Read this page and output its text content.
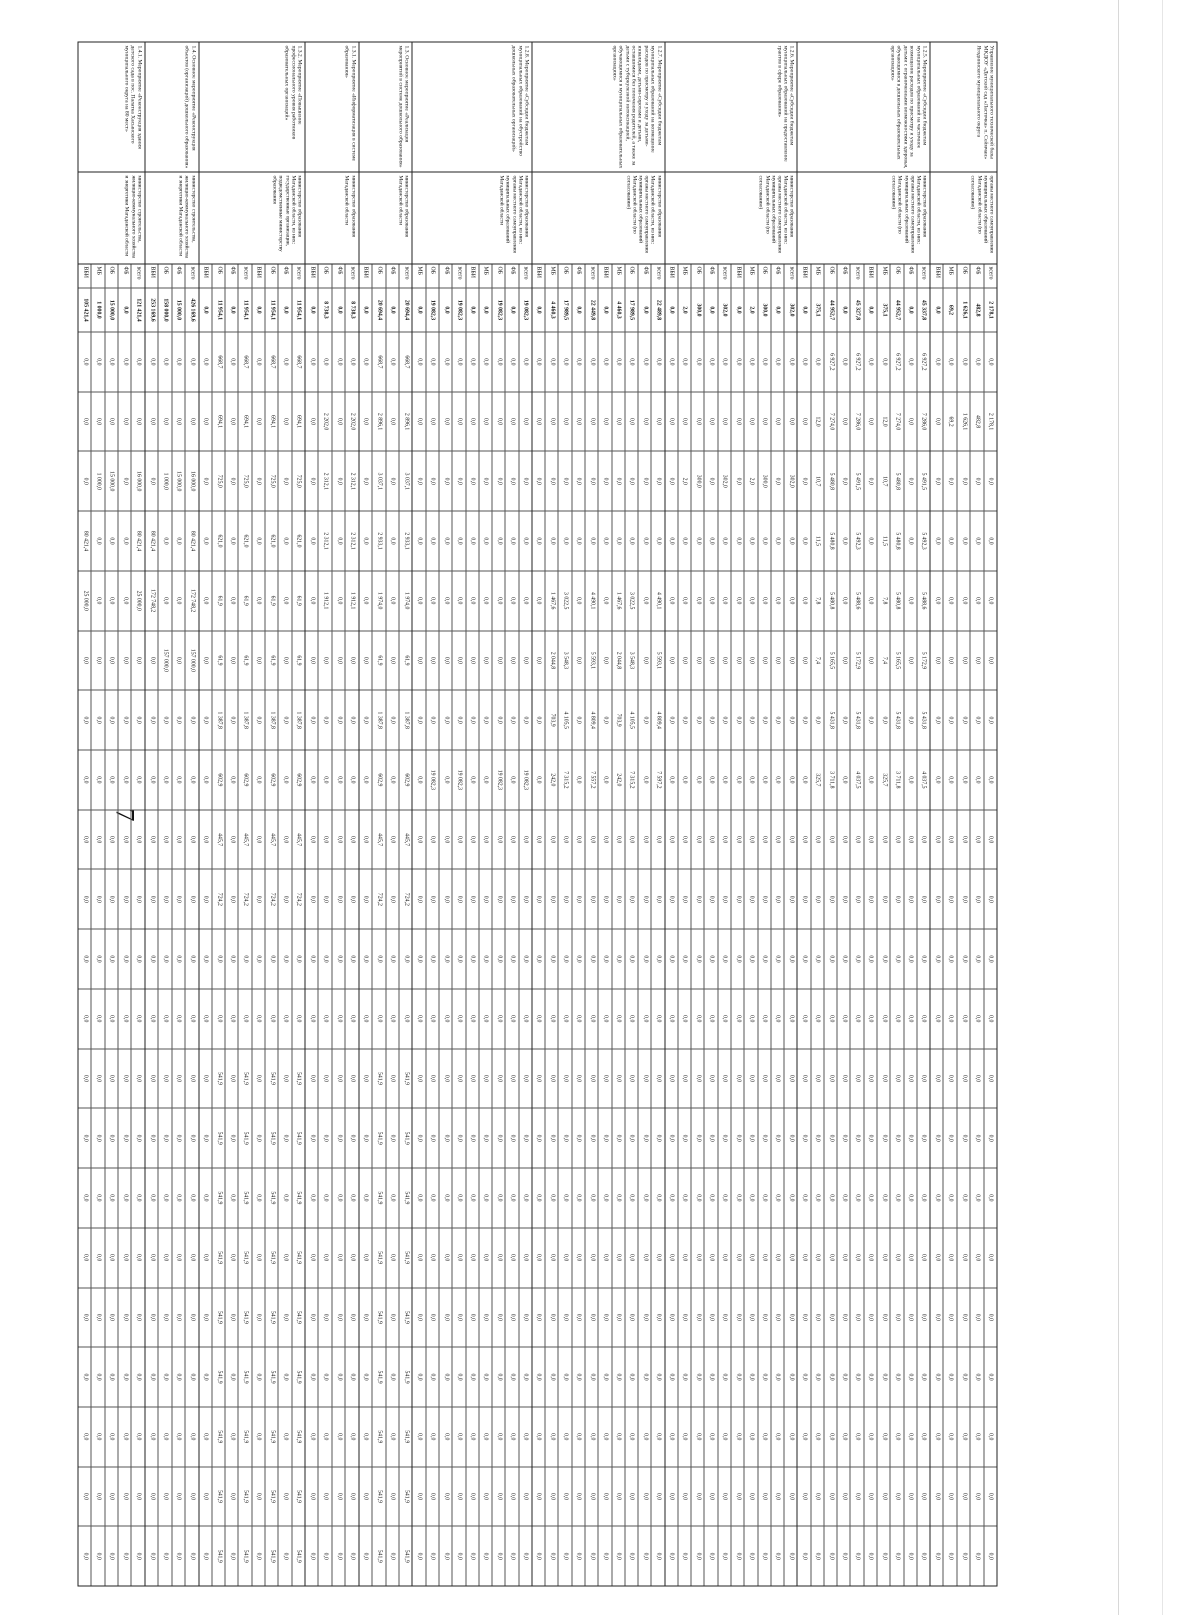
7
Управление муниципального технической базы МКДОУ «Детский сад «Ласточка» п. Сеймчан» Ягоднинского муниципального округа
органы местного самоуправления муниципальных образований Магаданской области (по согласованию)
всего
2 178,1
0,0
2 178,1
0,0
0,0
0,0
0,0
0,0
0,0
0,0
0,0
0,0
0,0
0,0
0,0
0,0
0,0
0,0
0,0
0,0
0,0
0,0
ФБ
482,8
0,0
482,8
0,0
0,0
0,0
0,0
0,0
0,0
0,0
0,0
0,0
0,0
0,0
0,0
0,0
0,0
0,0
0,0
0,0
0,0
0,0
ОБ
1 626,1
0,0
1 626,1
0,0
0,0
0,0
0,0
0,0
0,0
0,0
0,0
0,0
0,0
0,0
0,0
0,0
0,0
0,0
0,0
0,0
0,0
0,0
МБ
69,2
0,0
69,2
0,0
0,0
0,0
0,0
0,0
0,0
0,0
0,0
0,0
0,0
0,0
0,0
0,0
0,0
0,0
0,0
0,0
0,0
0,0
ВБИ
0,0
0,0
0,0
0,0
0,0
0,0
0,0
0,0
0,0
0,0
0,0
0,0
0,0
0,0
0,0
0,0
0,0
0,0
0,0
0,0
0,0
0,0
1.2.5. Мероприятие «Субсидии бюджетам муниципальных образований на частичное возмещение расходов по присмотру и уходу за детьми с ограниченными возможностями здоровья, обучающимися в дошкольных образовательных организациях»
министерство образования Магаданской области, из них: органы местного самоуправления муниципальных образований Магаданской области (по согласованию)
всего
45 337,8
6 927,2
7 286,0
5 491,5
5 492,3
5 488,6
5 172,9
5 431,8
4 037,5
0,0
0,0
0,0
0,0
0,0
0,0
0,0
0,0
0,0
0,0
0,0
0,0
0,0
ФБ
0,0
0,0
0,0
0,0
0,0
0,0
0,0
0,0
0,0
0,0
0,0
0,0
0,0
0,0
0,0
0,0
0,0
0,0
0,0
0,0
0,0
0,0
ОБ
44 952,7
6 927,2
7 274,0
5 480,8
5 480,8
5 480,8
5 165,5
5 431,8
3 711,8
0,0
0,0
0,0
0,0
0,0
0,0
0,0
0,0
0,0
0,0
0,0
0,0
0,0
МБ
375,1
0,0
12,0
10,7
11,5
7,8
7,4
0,0
325,7
0,0
0,0
0,0
0,0
0,0
0,0
0,0
0,0
0,0
0,0
0,0
0,0
0,0
ВБИ
0,0
0,0
0,0
0,0
0,0
0,0
0,0
0,0
0,0
0,0
0,0
0,0
0,0
0,0
0,0
0,0
0,0
0,0
0,0
0,0
0,0
0,0
всего
45 327,8
6 927,2
7 286,0
5 491,5
5 492,3
5 488,6
5 172,9
5 431,8
4 037,5
0,0
0,0
0,0
0,0
0,0
0,0
0,0
0,0
0,0
0,0
0,0
0,0
0,0
ФБ
0,0
0,0
0,0
0,0
0,0
0,0
0,0
0,0
0,0
0,0
0,0
0,0
0,0
0,0
0,0
0,0
0,0
0,0
0,0
0,0
0,0
0,0
ОБ
44 952,7
6 927,2
7 274,0
5 480,8
5 480,8
5 480,8
5 165,5
5 431,8
3 711,8
0,0
0,0
0,0
0,0
0,0
0,0
0,0
0,0
0,0
0,0
0,0
0,0
0,0
МБ
375,1
0,0
12,0
10,7
11,5
7,8
7,4
0,0
325,7
0,0
0,0
0,0
0,0
0,0
0,0
0,0
0,0
0,0
0,0
0,0
0,0
0,0
ВБИ
0,0
0,0
0,0
0,0
0,0
0,0
0,0
0,0
0,0
0,0
0,0
0,0
0,0
0,0
0,0
0,0
0,0
0,0
0,0
0,0
0,0
0,0
1.2.6. Мероприятие «Субсидии бюджетам муниципальных образований на предоставление грантов в сфере образования»
министерство образования Магаданской области, из них: органы местного самоуправления муниципальных образований Магаданской области (по согласованию)
всего
302,0
0,0
0,0
302,0
0,0
0,0
0,0
0,0
0,0
0,0
0,0
0,0
0,0
0,0
0,0
0,0
0,0
0,0
0,0
0,0
0,0
0,0
ФБ
0,0
0,0
0,0
0,0
0,0
0,0
0,0
0,0
0,0
0,0
0,0
0,0
0,0
0,0
0,0
0,0
0,0
0,0
0,0
0,0
0,0
0,0
ОБ
300,0
0,0
0,0
300,0
0,0
0,0
0,0
0,0
0,0
0,0
0,0
0,0
0,0
0,0
0,0
0,0
0,0
0,0
0,0
0,0
0,0
0,0
МБ
2,0
0,0
0,0
2,0
0,0
0,0
0,0
0,0
0,0
0,0
0,0
0,0
0,0
0,0
0,0
0,0
0,0
0,0
0,0
0,0
0,0
0,0
ВБИ
0,0
0,0
0,0
0,0
0,0
0,0
0,0
0,0
0,0
0,0
0,0
0,0
0,0
0,0
0,0
0,0
0,0
0,0
0,0
0,0
0,0
0,0
всего
302,0
0,0
0,0
302,0
0,0
0,0
0,0
0,0
0,0
0,0
0,0
0,0
0,0
0,0
0,0
0,0
0,0
0,0
0,0
0,0
0,0
0,0
ФБ
0,0
0,0
0,0
0,0
0,0
0,0
0,0
0,0
0,0
0,0
0,0
0,0
0,0
0,0
0,0
0,0
0,0
0,0
0,0
0,0
0,0
0,0
ОБ
300,0
0,0
0,0
300,0
0,0
0,0
0,0
0,0
0,0
0,0
0,0
0,0
0,0
0,0
0,0
0,0
0,0
0,0
0,0
0,0
0,0
0,0
МБ
2,0
0,0
0,0
2,0
0,0
0,0
0,0
0,0
0,0
0,0
0,0
0,0
0,0
0,0
0,0
0,0
0,0
0,0
0,0
0,0
0,0
0,0
ВБИ
0,0
0,0
0,0
0,0
0,0
0,0
0,0
0,0
0,0
0,0
0,0
0,0
0,0
0,0
0,0
0,0
0,0
0,0
0,0
0,0
0,0
0,0
1.2.7. Мероприятие «Субсидии бюджетам муниципальных образований на возмещение расходов по присмотру и уходу за детьми-инвалидами, детьми-сиротами и детьми, оставшимися без попечения родителей, а также за детьми с туберкулезной интоксикацией, обучающимися в муниципальных образовательных организациях»
министерство образования Магаданской области, из них: органы местного самоуправления муниципальных образований Магаданской области (по согласованию)
всего
22 489,8
0,0
0,0
0,0
0,0
4 490,1
5 593,1
4 809,4
7 597,2
0,0
0,0
0,0
0,0
0,0
0,0
0,0
0,0
0,0
0,0
0,0
0,0
0,0
ФБ
0,0
0,0
0,0
0,0
0,0
0,0
0,0
0,0
0,0
0,0
0,0
0,0
0,0
0,0
0,0
0,0
0,0
0,0
0,0
0,0
0,0
0,0
ОБ
17 989,5
0,0
0,0
0,0
0,0
3 022,5
3 548,3
4 105,5
7 315,2
0,0
0,0
0,0
0,0
0,0
0,0
0,0
0,0
0,0
0,0
0,0
0,0
0,0
МБ
4 460,3
0,0
0,0
0,0
0,0
1 467,6
2 044,8
703,9
242,0
0,0
0,0
0,0
0,0
0,0
0,0
0,0
0,0
0,0
0,0
0,0
0,0
0,0
ВБИ
0,0
0,0
0,0
0,0
0,0
0,0
0,0
0,0
0,0
0,0
0,0
0,0
0,0
0,0
0,0
0,0
0,0
0,0
0,0
0,0
0,0
0,0
всего
22 449,8
0,0
0,0
0,0
0,0
4 490,1
5 593,1
4 809,4
7 557,2
0,0
0,0
0,0
0,0
0,0
0,0
0,0
0,0
0,0
0,0
0,0
0,0
0,0
ФБ
0,0
0,0
0,0
0,0
0,0
0,0
0,0
0,0
0,0
0,0
0,0
0,0
0,0
0,0
0,0
0,0
0,0
0,0
0,0
0,0
0,0
0,0
ОБ
17 989,5
0,0
0,0
0,0
0,0
3 022,5
3 548,3
4 105,5
7 315,2
0,0
0,0
0,0
0,0
0,0
0,0
0,0
0,0
0,0
0,0
0,0
0,0
0,0
МБ
4 460,3
0,0
0,0
0,0
0,0
1 467,6
2 044,8
703,9
242,0
0,0
0,0
0,0
0,0
0,0
0,0
0,0
0,0
0,0
0,0
0,0
0,0
0,0
ВБИ
0,0
0,0
0,0
0,0
0,0
0,0
0,0
0,0
0,0
0,0
0,0
0,0
0,0
0,0
0,0
0,0
0,0
0,0
0,0
0,0
0,0
0,0
1.2.8. Мероприятие «Субсидии бюджетам муниципальных образований на обустройство дошкольных образовательных организаций»
министерство образования Магаданской области, из них: органы местного самоуправления муниципальных образований Магаданской области
всего
19 082,3
0,0
0,0
0,0
0,0
0,0
0,0
0,0
19 082,3
0,0
0,0
0,0
0,0
0,0
0,0
0,0
0,0
0,0
0,0
0,0
0,0
0,0
ФБ
0,0
0,0
0,0
0,0
0,0
0,0
0,0
0,0
0,0
0,0
0,0
0,0
0,0
0,0
0,0
0,0
0,0
0,0
0,0
0,0
0,0
0,0
ОБ
19 082,3
0,0
0,0
0,0
0,0
0,0
0,0
0,0
19 082,3
0,0
0,0
0,0
0,0
0,0
0,0
0,0
0,0
0,0
0,0
0,0
0,0
0,0
МБ
0,0
0,0
0,0
0,0
0,0
0,0
0,0
0,0
0,0
0,0
0,0
0,0
0,0
0,0
0,0
0,0
0,0
0,0
0,0
0,0
0,0
0,0
ВБИ
0,0
0,0
0,0
0,0
0,0
0,0
0,0
0,0
0,0
0,0
0,0
0,0
0,0
0,0
0,0
0,0
0,0
0,0
0,0
0,0
0,0
0,0
всего
19 082,3
0,0
0,0
0,0
0,0
0,0
0,0
0,0
19 082,3
0,0
0,0
0,0
0,0
0,0
0,0
0,0
0,0
0,0
0,0
0,0
0,0
0,0
ФБ
0,0
0,0
0,0
0,0
0,0
0,0
0,0
0,0
0,0
0,0
0,0
0,0
0,0
0,0
0,0
0,0
0,0
0,0
0,0
0,0
0,0
0,0
ОБ
19 082,3
0,0
0,0
0,0
0,0
0,0
0,0
0,0
19 082,3
0,0
0,0
0,0
0,0
0,0
0,0
0,0
0,0
0,0
0,0
0,0
0,0
0,0
МБ
0,0
0,0
0,0
0,0
0,0
0,0
0,0
0,0
0,0
0,0
0,0
0,0
0,0
0,0
0,0
0,0
0,0
0,0
0,0
0,0
0,0
0,0
1.3. Основное мероприятие «Реализация мероприятий в системе дошкольного образования»
министерство образования Магаданской области
всего
20 694,4
668,7
2 896,1
3 037,1
2 933,1
1 974,0
61,9
1 387,8
602,9
445,7
724,2
0,0
0,0
541,9
541,9
541,9
541,9
541,9
541,9
541,9
541,9
541,9
ФБ
0,0
0,0
0,0
0,0
0,0
0,0
0,0
0,0
0,0
0,0
0,0
0,0
0,0
0,0
0,0
0,0
0,0
0,0
0,0
0,0
0,0
0,0
ОБ
20 694,4
668,7
2 896,1
3 037,1
2 933,1
1 974,0
61,9
1 387,8
602,9
445,7
724,2
0,0
0,0
541,9
541,9
541,9
541,9
541,9
541,9
541,9
541,9
541,9
ВБИ
0,0
0,0
0,0
0,0
0,0
0,0
0,0
0,0
0,0
0,0
0,0
0,0
0,0
0,0
0,0
0,0
0,0
0,0
0,0
0,0
0,0
0,0
1.3.1. Мероприятие «Информатизация в системе образования»
министерство образования Магаданской области
всего
8 738,3
0,0
2 202,0
2 312,1
2 312,1
1 912,1
0,0
0,0
0,0
0,0
0,0
0,0
0,0
0,0
0,0
0,0
0,0
0,0
0,0
0,0
0,0
0,0
ФБ
0,0
0,0
0,0
0,0
0,0
0,0
0,0
0,0
0,0
0,0
0,0
0,0
0,0
0,0
0,0
0,0
0,0
0,0
0,0
0,0
0,0
0,0
ОБ
8 738,3
0,0
2 202,0
2 312,1
2 312,1
1 912,1
0,0
0,0
0,0
0,0
0,0
0,0
0,0
0,0
0,0
0,0
0,0
0,0
0,0
0,0
0,0
0,0
ВБИ
0,0
0,0
0,0
0,0
0,0
0,0
0,0
0,0
0,0
0,0
0,0
0,0
0,0
0,0
0,0
0,0
0,0
0,0
0,0
0,0
0,0
0,0
1.3.2. Мероприятие «Повышение профессионального уровня работников образовательных организаций»
министерство образования Магаданской области, из них: государственные организации, подведомственные министерству образования
всего
11 954,1
668,7
694,1
725,0
621,0
61,9
61,9
1 387,8
602,9
445,7
724,2
0,0
0,0
541,9
541,9
541,9
541,9
541,9
541,9
541,9
541,9
541,9
ФБ
0,0
0,0
0,0
0,0
0,0
0,0
0,0
0,0
0,0
0,0
0,0
0,0
0,0
0,0
0,0
0,0
0,0
0,0
0,0
0,0
0,0
0,0
ОБ
11 954,1
668,7
694,1
725,0
621,0
61,9
61,9
1 387,8
602,9
445,7
724,2
0,0
0,0
541,9
541,9
541,9
541,9
541,9
541,9
541,9
541,9
541,9
ВБИ
0,0
0,0
0,0
0,0
0,0
0,0
0,0
0,0
0,0
0,0
0,0
0,0
0,0
0,0
0,0
0,0
0,0
0,0
0,0
0,0
0,0
0,0
всего
11 954,1
668,7
694,1
725,0
621,0
61,9
61,9
1 387,8
602,9
445,7
724,2
0,0
0,0
541,9
541,9
541,9
541,9
541,9
541,9
541,9
541,9
541,9
ФБ
0,0
0,0
0,0
0,0
0,0
0,0
0,0
0,0
0,0
0,0
0,0
0,0
0,0
0,0
0,0
0,0
0,0
0,0
0,0
0,0
0,0
0,0
ОБ
11 954,1
668,7
694,1
725,0
621,0
61,9
61,9
1 387,8
602,9
445,7
724,2
0,0
0,0
541,9
541,9
541,9
541,9
541,9
541,9
541,9
541,9
541,9
ВБИ
0,0
0,0
0,0
0,0
0,0
0,0
0,0
0,0
0,0
0,0
0,0
0,0
0,0
0,0
0,0
0,0
0,0
0,0
0,0
0,0
0,0
0,0
1.4. Основное мероприятие «Реконструкция объектов (организаций) дошкольного образования»
министерство строительства, жилищно-коммунального хозяйства и энергетики Магаданской области
всего
426 169,6
0,0
0,0
16 000,0
80 421,4
172 748,2
157 000,0
0,0
0,0
0,0
0,0
0,0
0,0
0,0
0,0
0,0
0,0
0,0
0,0
0,0
0,0
0,0
ФБ
15 000,0
0,0
0,0
15 000,0
0,0
0,0
0,0
0,0
0,0
0,0
0,0
0,0
0,0
0,0
0,0
0,0
0,0
0,0
0,0
0,0
0,0
0,0
ОБ
158 000,0
0,0
0,0
1 000,0
0,0
0,0
157 000,0
0,0
0,0
0,0
0,0
0,0
0,0
0,0
0,0
0,0
0,0
0,0
0,0
0,0
0,0
0,0
ВБИ
253 169,6
0,0
0,0
0,0
80 421,4
172 748,2
0,0
0,0
0,0
0,0
0,0
0,0
0,0
0,0
0,0
0,0
0,0
0,0
0,0
0,0
0,0
0,0
1.4.1. Мероприятие «Реконструкция здания детского сада в пос. Палатка Хасынского муниципального округа на 80 мест»
министерство строительства, жилищно-коммунального хозяйства и энергетики Магаданской области
всего
121 421,4
0,0
0,0
16 000,0
80 421,4
25 000,0
0,0
0,0
0,0
0,0
0,0
0,0
0,0
0,0
0,0
0,0
0,0
0,0
0,0
0,0
0,0
0,0
ФБ
0,0
0,0
0,0
0,0
0,0
0,0
0,0
0,0
0,0
0,0
0,0
0,0
0,0
0,0
0,0
0,0
0,0
0,0
0,0
0,0
0,0
0,0
ОБ
15 000,0
0,0
0,0
15 000,0
0,0
0,0
0,0
0,0
0,0
0,0
0,0
0,0
0,0
0,0
0,0
0,0
0,0
0,0
0,0
0,0
0,0
0,0
МБ
1 000,0
0,0
0,0
1 000,0
0,0
0,0
0,0
0,0
0,0
0,0
0,0
0,0
0,0
0,0
0,0
0,0
0,0
0,0
0,0
0,0
0,0
0,0
ВБИ
105 421,4
0,0
0,0
0,0
80 421,4
25 000,0
0,0
0,0
0,0
0,0
0,0
0,0
0,0
0,0
0,0
0,0
0,0
0,0
0,0
0,0
0,0
0,0
